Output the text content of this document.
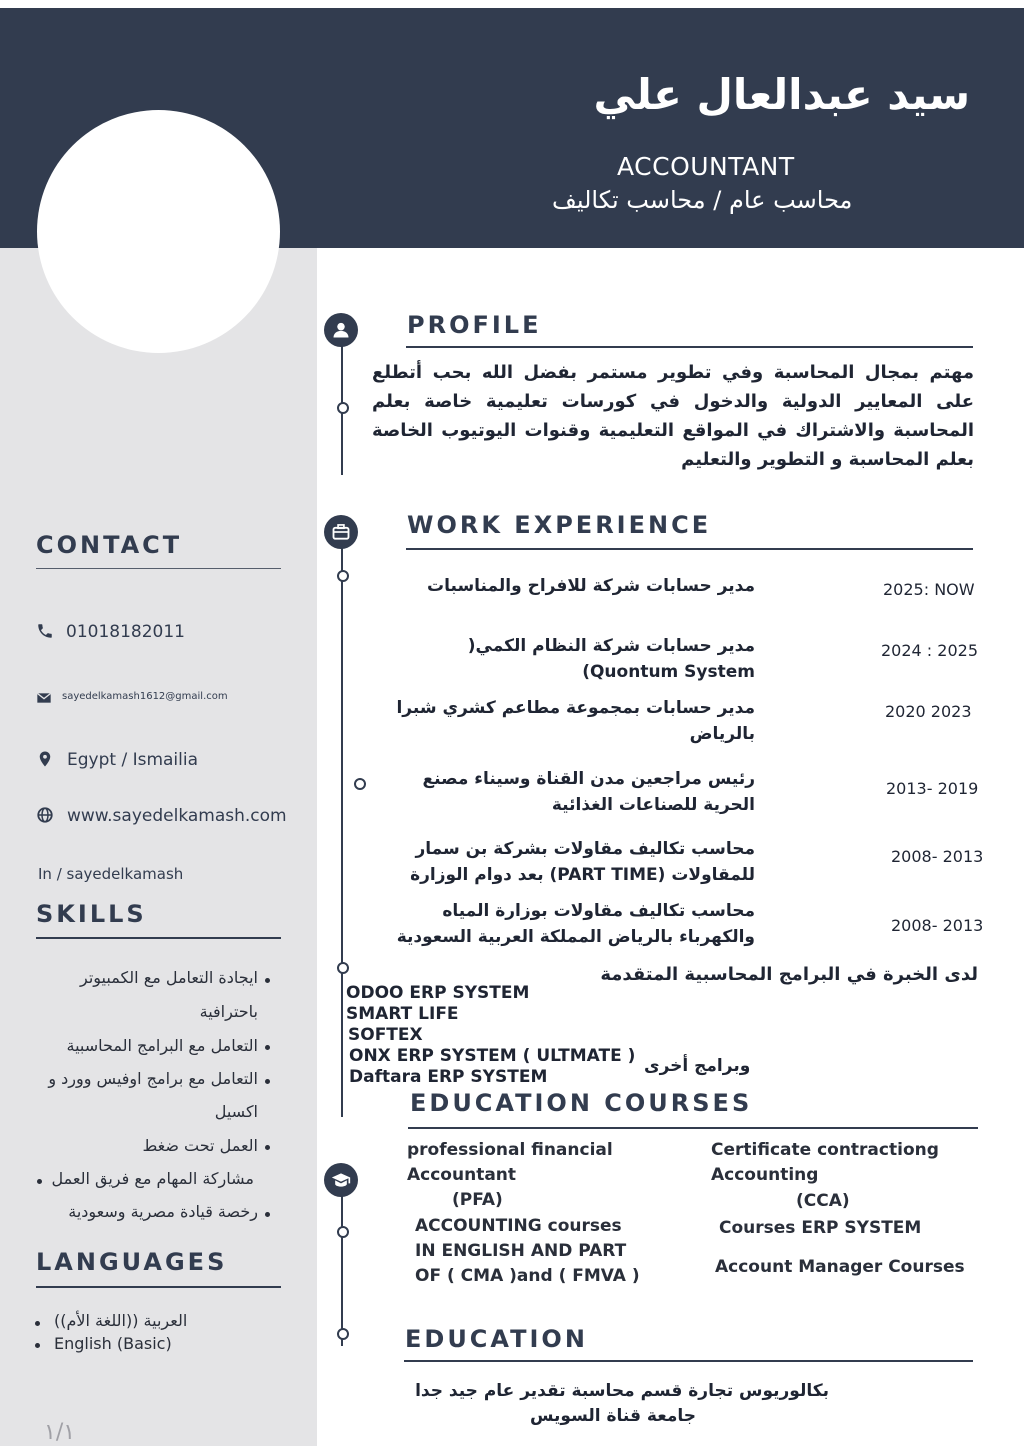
سيد عبدالعال علي
ACCOUNTANT
محاسب عام / محاسب تكاليف
CONTACT
01018182011
sayedelkamash1612@gmail.com
Egypt / Ismailia
www.sayedelkamash.com
In / sayedelkamash
SKILLS
ايجادة التعامل مع الكمبيوتر
باحترافية
التعامل مع البرامج المحاسبية
التعامل مع برامج اوفيس وورد و
اكسيل
العمل تحت ضغط
مشاركة المهام مع فريق العمل
رخصة قيادة مصرية وسعودية
LANGUAGES
العربية ((اللغة الأم))
English (Basic)
١/١
PROFILE
مهتم بمجال المحاسبة وفي تطوير مستمر بفضل الله بحب أتطلع على المعايير الدولية والدخول في كورسات تعليمية خاصة بعلم المحاسبة والاشتراك في المواقع التعليمية وقنوات اليوتيوب الخاصة بعلم المحاسبة و التطوير والتعليم
WORK EXPERIENCE
مدير حسابات شركة للافراح والمناسبات	2025: NOW
مدير حسابات شركة النظام الكمي( Quontum System)
2024 : 2025
مدير حسابات بمجموعة مطاعم كشري شبرا بالرياض
2020 2023
رئيس مراجعين مدن القناة وسيناء مصنع الحرية للصناعات الغذائية
2013- 2019
محاسب تكاليف مقاولات بشركة بن سمار للمقاولات (PART TIME) بعد دوام الوزارة
2008- 2013
محاسب تكاليف مقاولات بوزارة المياه والكهرباء بالرياض المملكة العربية السعودية
2008- 2013
لدى الخبرة في البرامج المحاسبية المتقدمة
ODOO ERP SYSTEM
SMART LIFE
SOFTEX
ONX ERP SYSTEM ( ULTMATE )
Daftara ERP SYSTEM
وبرامج أخرى
EDUCATION COURSES
professional financial
Accountant
(PFA)
ACCOUNTING courses
IN ENGLISH AND PART
OF ( CMA )and ( FMVA )
Certificate contractiong
Accounting
(CCA)
Courses ERP SYSTEM
Account Manager Courses
EDUCATION
بكالوريوس تجارة قسم محاسبة تقدير عام جيد جدا
جامعة قناة السويس
